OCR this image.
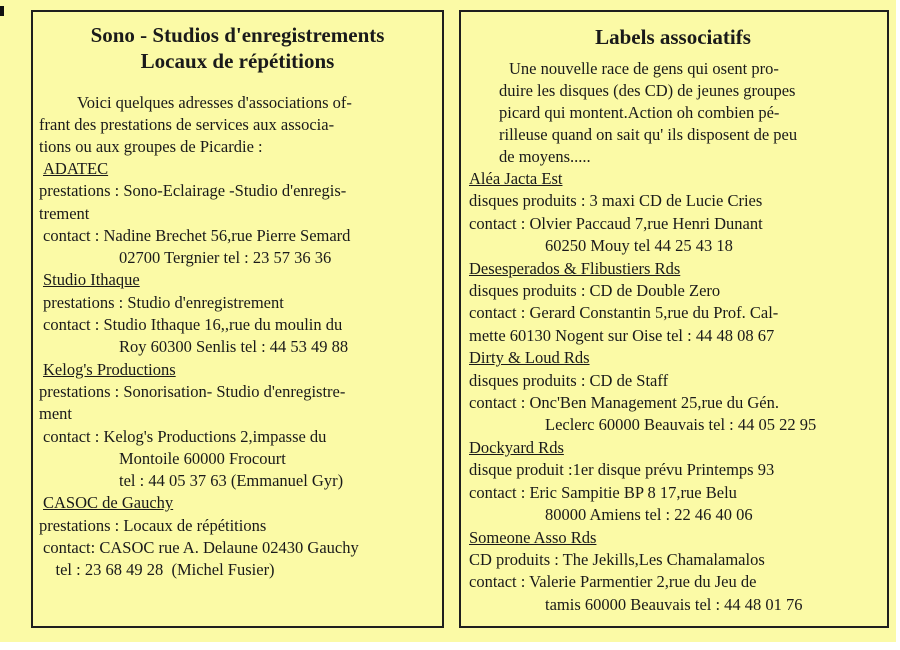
Sono - Studios d'enregistrements
Locaux de répétitions
Voici quelques adresses d'associations of-
frant des prestations de services aux associa-
tions ou aux groupes de Picardie :
ADATEC
prestations : Sono-Eclairage -Studio d'enregis-
trement
contact : Nadine Brechet 56,rue Pierre Semard
02700 Tergnier tel : 23 57 36 36
Studio Ithaque
prestations : Studio d'enregistrement
contact : Studio Ithaque 16,,rue du moulin du
Roy 60300 Senlis tel : 44 53 49 88
Kelog's Productions
prestations : Sonorisation- Studio d'enregistre-
ment
contact : Kelog's Productions 2,impasse du
Montoile 60000 Frocourt
tel : 44 05 37 63 (Emmanuel Gyr)
CASOC de Gauchy
prestations : Locaux de répétitions
contact: CASOC rue A. Delaune 02430 Gauchy
tel : 23 68 49 28  (Michel Fusier)
Labels associatifs
Une nouvelle race de gens qui osent pro-
duire les disques (des CD) de jeunes groupes
picard qui montent.Action oh combien pé-
rilleuse quand on sait qu' ils disposent de peu
de moyens.....
Aléa Jacta Est
disques produits : 3 maxi CD de Lucie Cries
contact : Olvier Paccaud 7,rue Henri Dunant
60250 Mouy tel 44 25 43 18
Desesperados & Flibustiers Rds
disques produits : CD de Double Zero
contact : Gerard Constantin 5,rue du Prof. Cal-
mette 60130 Nogent sur Oise tel : 44 48 08 67
Dirty & Loud Rds
disques produits : CD de Staff
contact : Onc'Ben Management 25,rue du Gén.
Leclerc 60000 Beauvais tel : 44 05 22 95
Dockyard Rds
disque produit :1er disque prévu Printemps 93
contact : Eric Sampitie BP 8 17,rue Belu
80000 Amiens tel : 22 46 40 06
Someone Asso Rds
CD produits : The Jekills,Les Chamalamalos
contact : Valerie Parmentier 2,rue du Jeu de
tamis 60000 Beauvais tel : 44 48 01 76
